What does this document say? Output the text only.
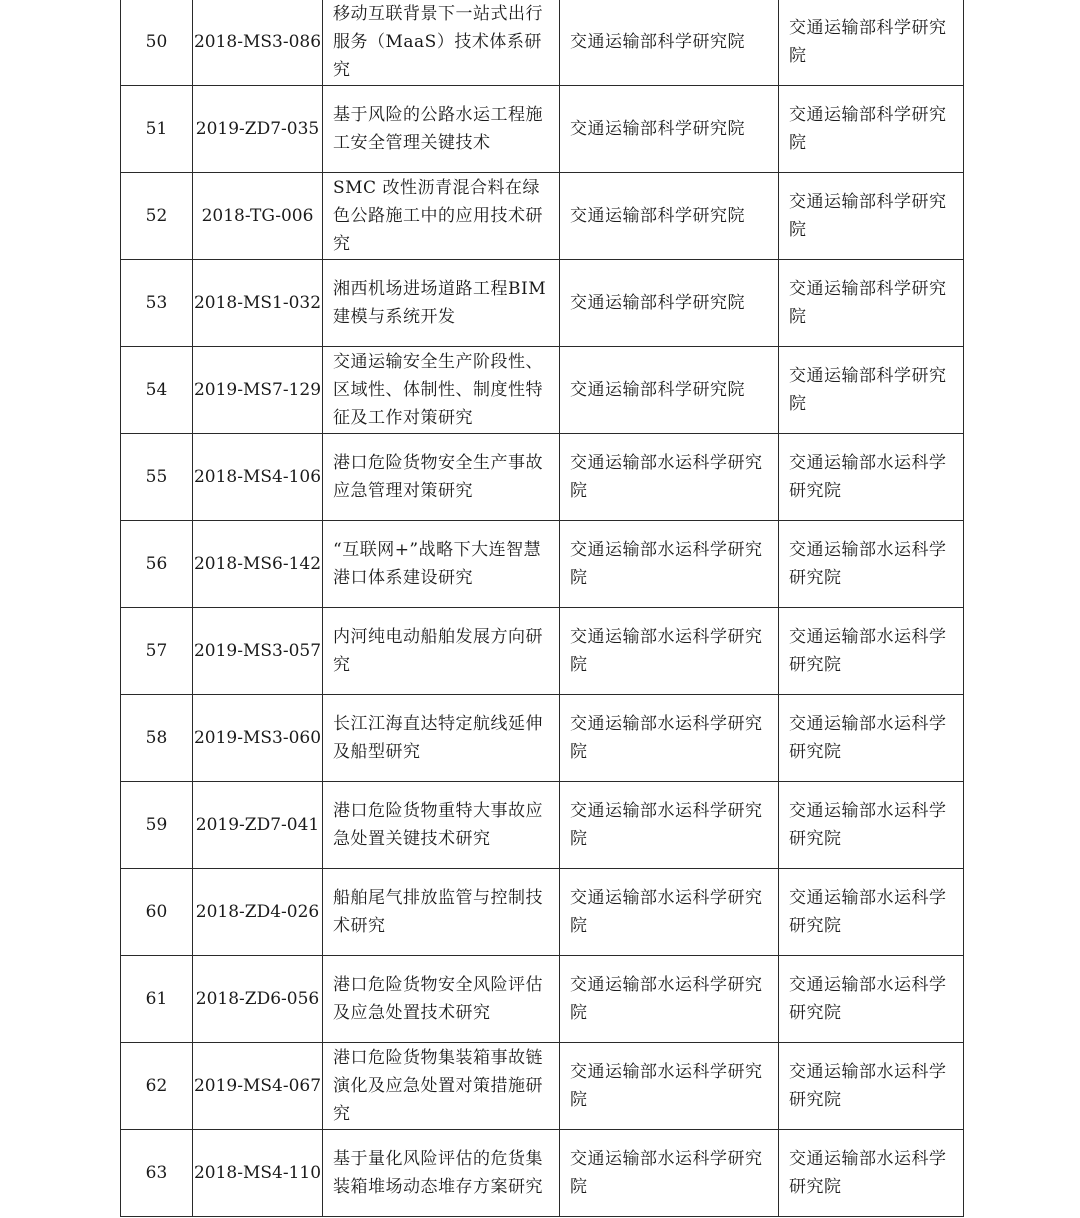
50	2018-MS3-086	移动互联背景下一站式出行服务（MaaS）技术体系研究	交通运输部科学研究院	交通运输部科学研究院
51	2019-ZD7-035	基于风险的公路水运工程施工安全管理关键技术	交通运输部科学研究院	交通运输部科学研究院
52	2018-TG-006	SMC 改性沥青混合料在绿色公路施工中的应用技术研究	交通运输部科学研究院	交通运输部科学研究院
53	2018-MS1-032	湘西机场进场道路工程BIM 建模与系统开发	交通运输部科学研究院	交通运输部科学研究院
54	2019-MS7-129	交通运输安全生产阶段性、区域性、体制性、制度性特征及工作对策研究	交通运输部科学研究院	交通运输部科学研究院
55	2018-MS4-106	港口危险货物安全生产事故应急管理对策研究	交通运输部水运科学研究院	交通运输部水运科学研究院
56	2018-MS6-142	“互联网+”战略下大连智慧港口体系建设研究	交通运输部水运科学研究院	交通运输部水运科学研究院
57	2019-MS3-057	内河纯电动船舶发展方向研究	交通运输部水运科学研究院	交通运输部水运科学研究院
58	2019-MS3-060	长江江海直达特定航线延伸及船型研究	交通运输部水运科学研究院	交通运输部水运科学研究院
59	2019-ZD7-041	港口危险货物重特大事故应急处置关键技术研究	交通运输部水运科学研究院	交通运输部水运科学研究院
60	2018-ZD4-026	船舶尾气排放监管与控制技术研究	交通运输部水运科学研究院	交通运输部水运科学研究院
61	2018-ZD6-056	港口危险货物安全风险评估及应急处置技术研究	交通运输部水运科学研究院	交通运输部水运科学研究院
62	2019-MS4-067	港口危险货物集装箱事故链演化及应急处置对策措施研究	交通运输部水运科学研究院	交通运输部水运科学研究院
63	2018-MS4-110	基于量化风险评估的危货集装箱堆场动态堆存方案研究	交通运输部水运科学研究院	交通运输部水运科学研究院
